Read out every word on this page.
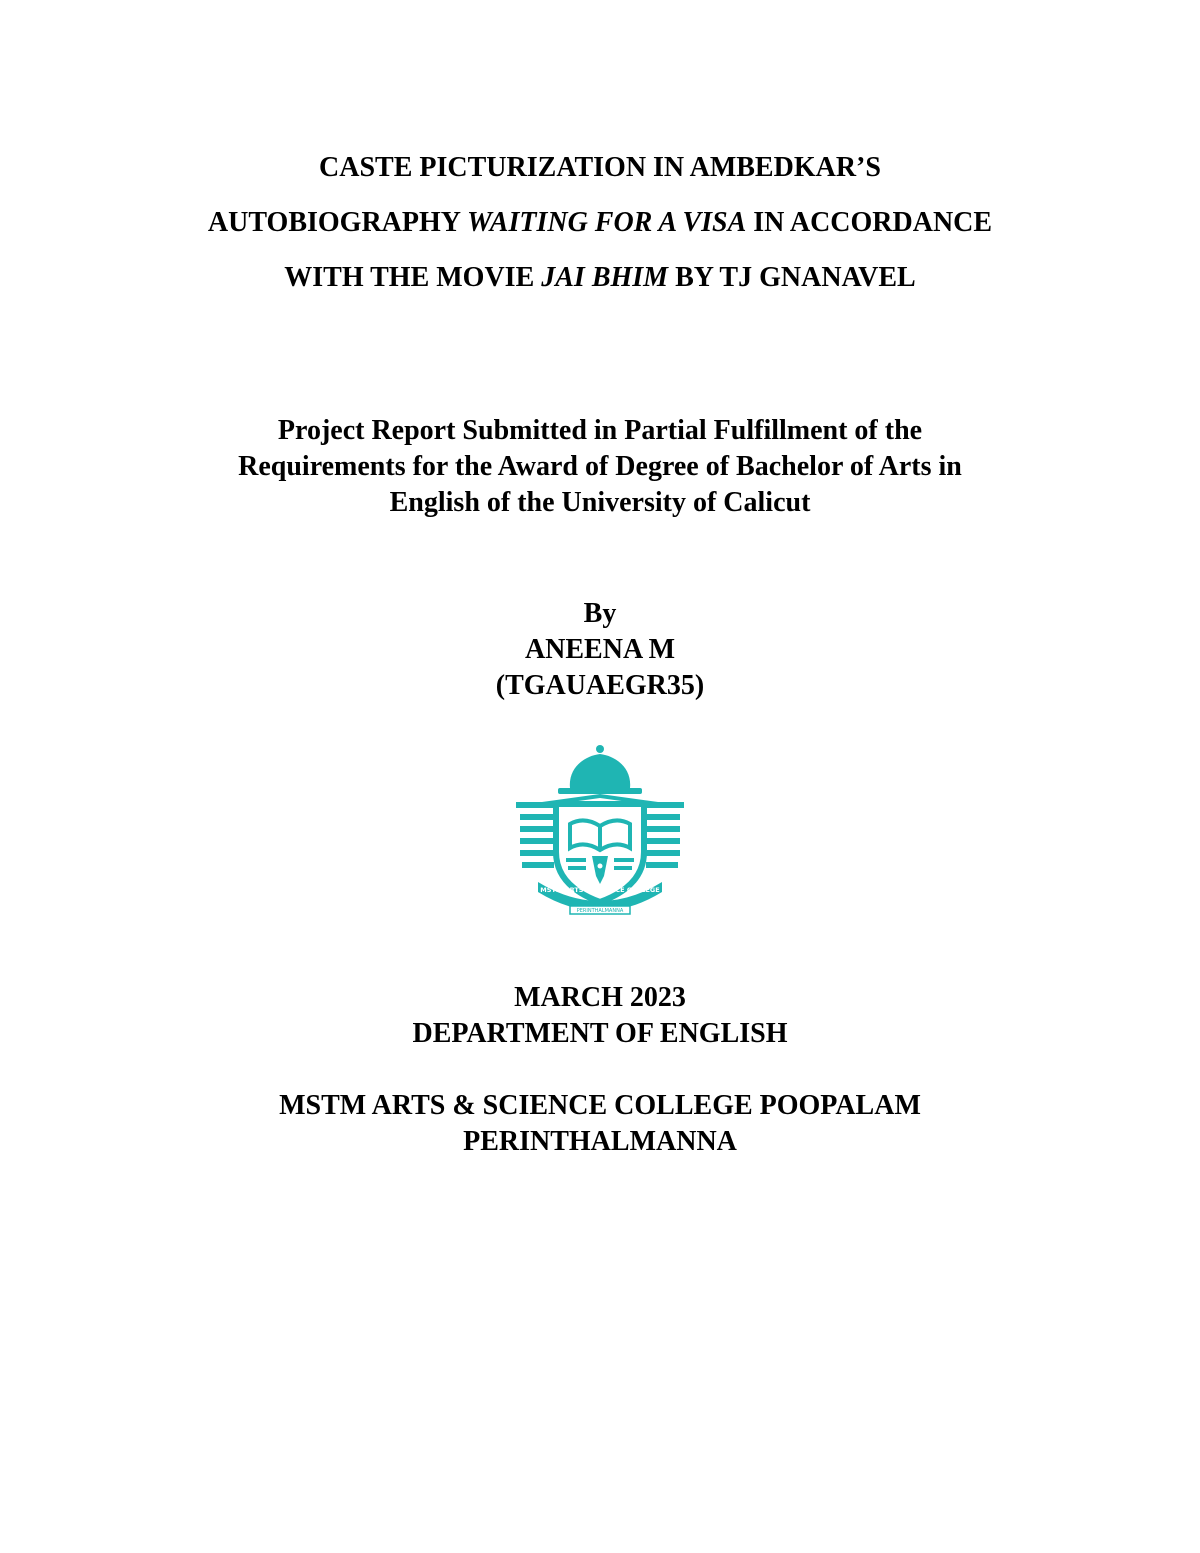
CASTE PICTURIZATION IN AMBEDKAR’S
AUTOBIOGRAPHY WAITING FOR A VISA IN ACCORDANCE
WITH THE MOVIE JAI BHIM BY TJ GNANAVEL
Project Report Submitted in Partial Fulfillment of the
Requirements for the Award of Degree of Bachelor of Arts in
English of the University of Calicut
By
ANEENA M
(TGAUAEGR35)
MSTM ARTS & SCIENCE COLLEGE
PERINTHALMANNA
MARCH 2023
DEPARTMENT OF ENGLISH
MSTM ARTS & SCIENCE COLLEGE POOPALAM
PERINTHALMANNA
